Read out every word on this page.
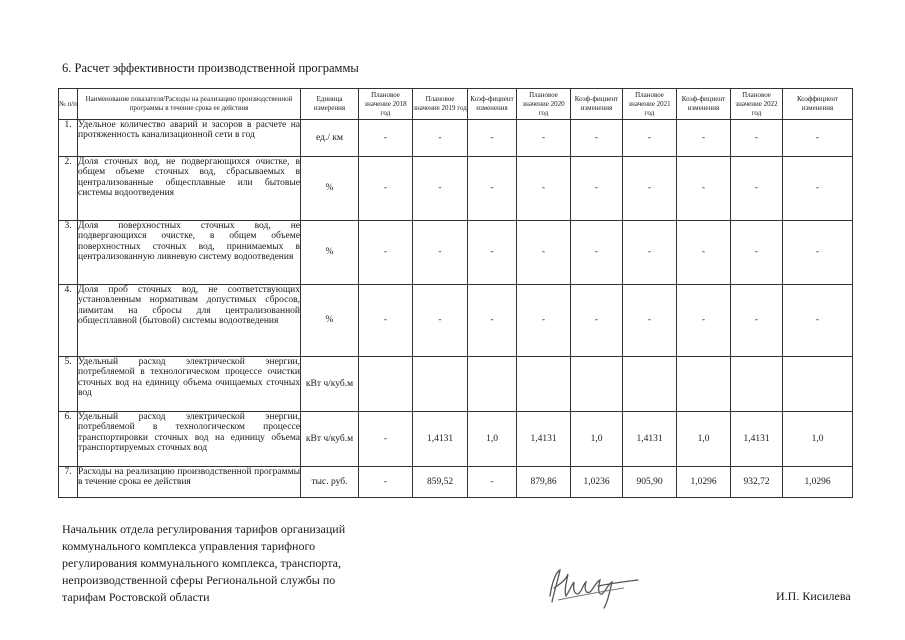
6. Расчет эффективности производственной программы
№ п/п	Наименование показателя/Расходы на реализацию производственной программы в течение срока ее действия	Единица измерения	Плановое значение 2018 год	Плановое значение 2019 год	Коэф-фициент изменения	Плановое значение 2020 год	Коэф-фициент изменения	Плановое значение 2021 год	Коэф-фициент изменения	Плановое значение 2022 год	Коэффициент изменения
1.	Удельное количество аварий и засоров в расчете на протяженность канализационной сети в год	ед./ км	-	-	-	-	-	-	-	-	-
2.	Доля сточных вод, не подвергающихся очистке, в общем объеме сточных вод, сбрасываемых в централизованные общесплавные или бытовые системы водоотведения	%	-	-	-	-	-	-	-	-	-
3.	Доля поверхностных сточных вод, не подвергающихся очистке, в общем объеме поверхностных сточных вод, принимаемых в централизованную ливневую систему водоотведения	%	-	-	-	-	-	-	-	-	-
4.	Доля проб сточных вод, не соответствующих установленным нормативам допустимых сбросов, лимитам на сбросы для централизованной общесплавной (бытовой) системы водоотведения	%	-	-	-	-	-	-	-	-	-
5.	Удельный расход электрической энергии, потребляемой в технологическом процессе очистки сточных вод на единицу объема очищаемых сточных вод	кВт ч/куб.м									
6.	Удельный расход электрической энергии, потребляемой в технологическом процессе транспортировки сточных вод на единицу объема транспортируемых сточных вод	кВт ч/куб.м	-	1,4131	1,0	1,4131	1,0	1,4131	1,0	1,4131	1,0
7.	Расходы на реализацию производственной программы в течение срока ее действия	тыс. руб.	-	859,52	-	879,86	1,0236	905,90	1,0296	932,72	1,0296
Начальник отдела регулирования тарифов организаций
коммунального комплекса управления тарифного
регулирования коммунального комплекса, транспорта,
непроизводственной сферы Региональной службы по
тарифам Ростовской области	И.П. Кисилева
